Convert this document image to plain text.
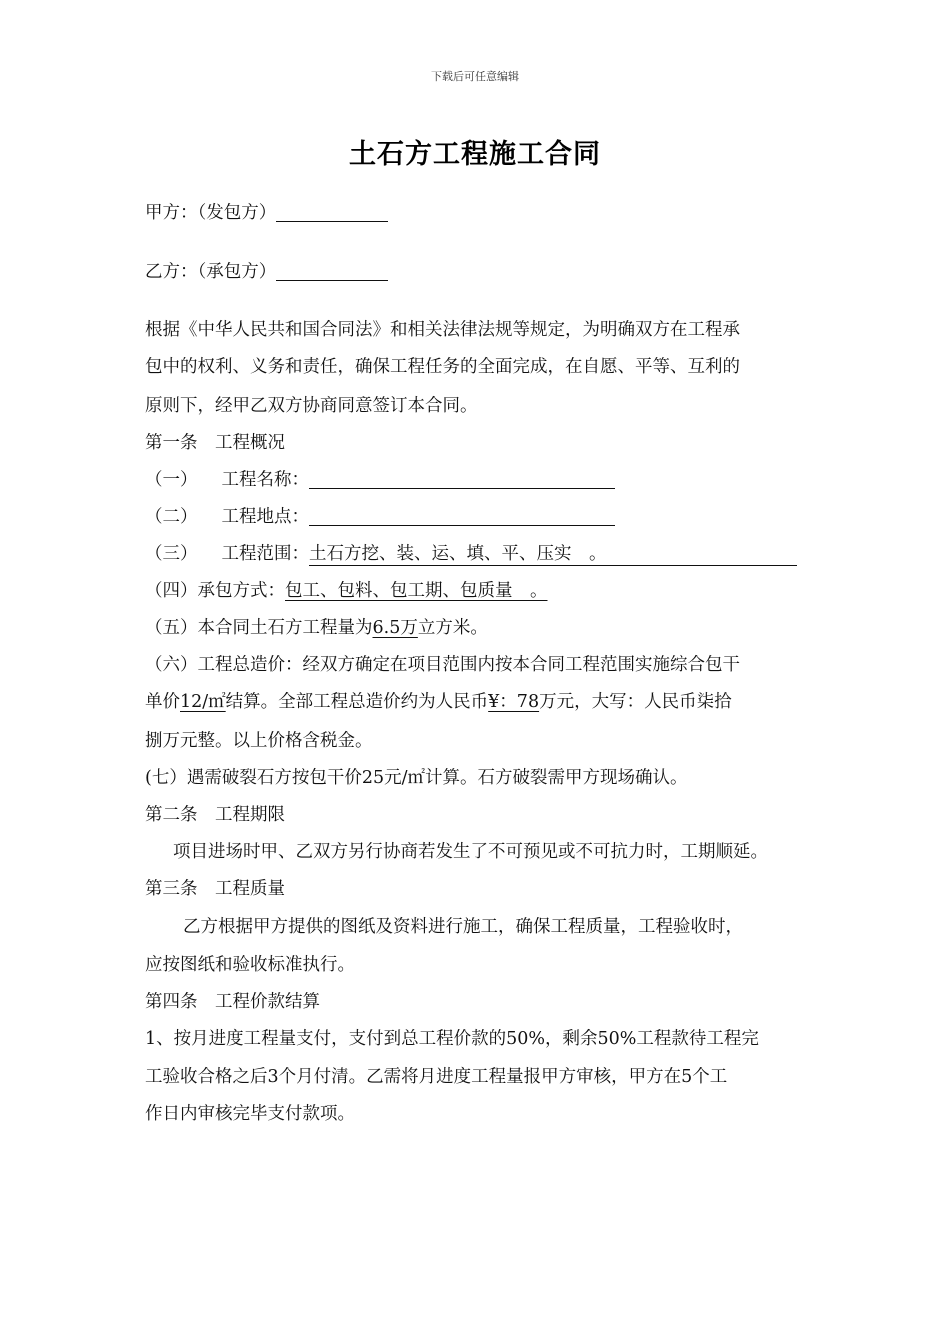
下载后可任意编辑
土石方工程施工合同
甲方：（发包方）
乙方：（承包方）
根据《中华人民共和国合同法》和相关法律法规等规定，为明确双方在工程承
包中的权利、义务和责任，确保工程任务的全面完成，在自愿、平等、互利的
原则下，经甲乙双方协商同意签订本合同。
第一条　工程概况
（一） 工程名称：
（二） 工程地点：
（三） 工程范围：土石方挖、装、运、填、平、压实　。
（四）承包方式：包工、包料、包工期、包质量　。
（五）本合同土石方工程量为6.5万立方米。
（六）工程总造价：经双方确定在项目范围内按本合同工程范围实施综合包干
单价12/㎡结算。全部工程总造价约为人民币¥：78万元，大写：人民币柒拾
捌万元整。以上价格含税金。
(七）遇需破裂石方按包干价25元/㎡计算。石方破裂需甲方现场确认。
第二条　工程期限
项目进场时甲、乙双方另行协商若发生了不可预见或不可抗力时，工期顺延。
第三条　工程质量
乙方根据甲方提供的图纸及资料进行施工，确保工程质量，工程验收时，
应按图纸和验收标准执行。
第四条　工程价款结算
1、按月进度工程量支付，支付到总工程价款的50%，剩余50%工程款待工程完
工验收合格之后3个月付清。乙需将月进度工程量报甲方审核，甲方在5个工
作日内审核完毕支付款项。
